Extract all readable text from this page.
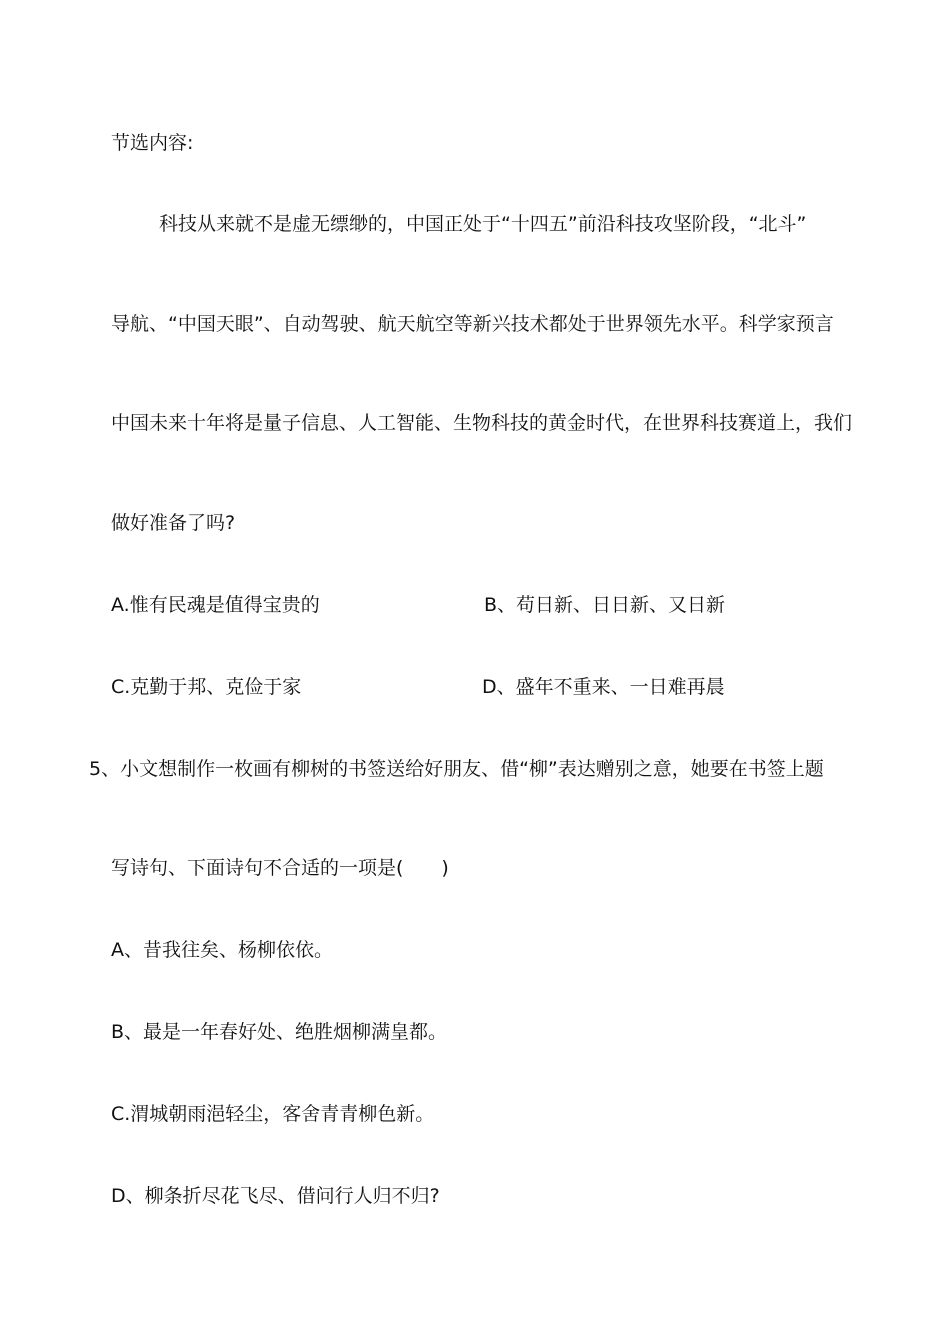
节选内容:
科技从来就不是虚无缥缈的，中国正处于“十四五”前沿科技攻坚阶段，“北斗”
导航、“中国天眼”、自动驾驶、航天航空等新兴技术都处于世界领先水平。科学家预言
中国未来十年将是量子信息、人工智能、生物科技的黄金时代，在世界科技赛道上，我们
做好准备了吗?
A.惟有民魂是值得宝贵的	B、苟日新、日日新、又日新
C.克勤于邦、克俭于家	D、盛年不重来、一日难再晨
5、小文想制作一枚画有柳树的书签送给好朋友、借“柳”表达赠别之意，她要在书签上题
写诗句、下面诗句不合适的一项是(　　)
A、昔我往矣、杨柳依依。
B、最是一年春好处、绝胜烟柳满皇都。
C.渭城朝雨浥轻尘，客舍青青柳色新。
D、柳条折尽花飞尽、借问行人归不归?
